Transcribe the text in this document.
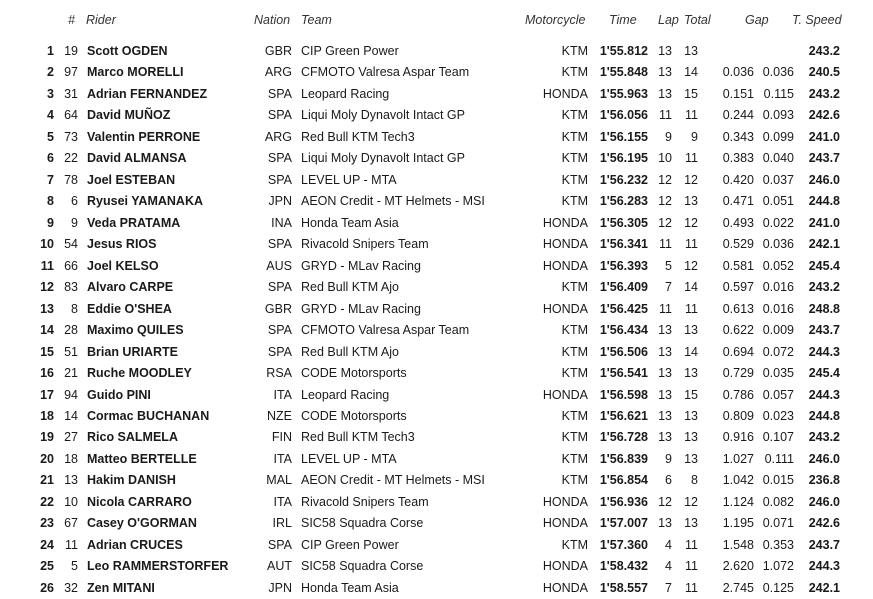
# Rider	Nation Team	Motorcycle Time Lap Total	Gap T. Speed
1 19 Scott OGDEN	GBR CIP Green Power	KTM 1'55.812 13 13	243.2
2 97 Marco MORELLI	ARG CFMOTO Valresa Aspar Team	KTM 1'55.848 13 14	0.036 0.036	240.5
3 31 Adrian FERNANDEZ	SPA Leopard Racing	HONDA 1'55.963 13 15	0.151 0.115	243.2
4 64 David MUÑOZ	SPA Liqui Moly Dynavolt Intact GP	KTM 1'56.056 11	11	0.244 0.093	242.6
5 73 Valentin PERRONE	ARG Red Bull KTM Tech3	KTM 1'56.155	9	9	0.343 0.099	241.0
6 22 David ALMANSA	SPA Liqui Moly Dynavolt Intact GP	KTM 1'56.195 10	11	0.383 0.040	243.7
7 78 Joel ESTEBAN	SPA LEVEL UP - MTA	KTM 1'56.232 12 12	0.420 0.037	246.0
8	6 Ryusei YAMANAKA	JPN AEON Credit - MT Helmets - MSI	KTM 1'56.283 12 13	0.471 0.051	244.8
9	9 Veda PRATAMA	INA Honda Team Asia	HONDA 1'56.305 12 12	0.493 0.022	241.0
10 54 Jesus RIOS	SPA Rivacold Snipers Team	HONDA 1'56.341 11	11	0.529 0.036	242.1
11 66 Joel KELSO	AUS GRYD - MLav Racing	HONDA 1'56.393	5 12	0.581 0.052	245.4
12 83 Alvaro CARPE	SPA Red Bull KTM Ajo	KTM 1'56.409	7 14	0.597 0.016	243.2
13	8 Eddie O'SHEA	GBR GRYD - MLav Racing	HONDA 1'56.425 11	11	0.613 0.016	248.8
14 28 Maximo QUILES	SPA CFMOTO Valresa Aspar Team	KTM 1'56.434 13 13	0.622 0.009	243.7
15 51 Brian URIARTE	SPA Red Bull KTM Ajo	KTM 1'56.506 13 14	0.694 0.072	244.3
16 21 Ruche MOODLEY	RSA CODE Motorsports	KTM 1'56.541 13 13	0.729 0.035	245.4
17 94 Guido PINI	ITA Leopard Racing	HONDA 1'56.598 13 15	0.786 0.057	244.3
18 14 Cormac BUCHANAN	NZE CODE Motorsports	KTM 1'56.621 13 13	0.809 0.023	244.8
19 27 Rico SALMELA	FIN Red Bull KTM Tech3	KTM 1'56.728 13 13	0.916 0.107	243.2
20 18 Matteo BERTELLE	ITA LEVEL UP - MTA	KTM 1'56.839	9 13	1.027 0.111	246.0
21 13 Hakim DANISH	MAL AEON Credit - MT Helmets - MSI	KTM 1'56.854	6	8	1.042 0.015	236.8
22 10 Nicola CARRARO	ITA Rivacold Snipers Team	HONDA 1'56.936 12 12	1.124 0.082	246.0
23 67 Casey O'GORMAN	IRL SIC58 Squadra Corse	HONDA 1'57.007 13 13	1.195 0.071	242.6
24 11 Adrian CRUCES	SPA CIP Green Power	KTM 1'57.360	4	11	1.548 0.353	243.7
25	5 Leo RAMMERSTORFER	AUT SIC58 Squadra Corse	HONDA 1'58.432	4	11	2.620 1.072	244.3
26 32 Zen MITANI	JPN Honda Team Asia	HONDA 1'58.557	7	11	2.745 0.125	242.1
